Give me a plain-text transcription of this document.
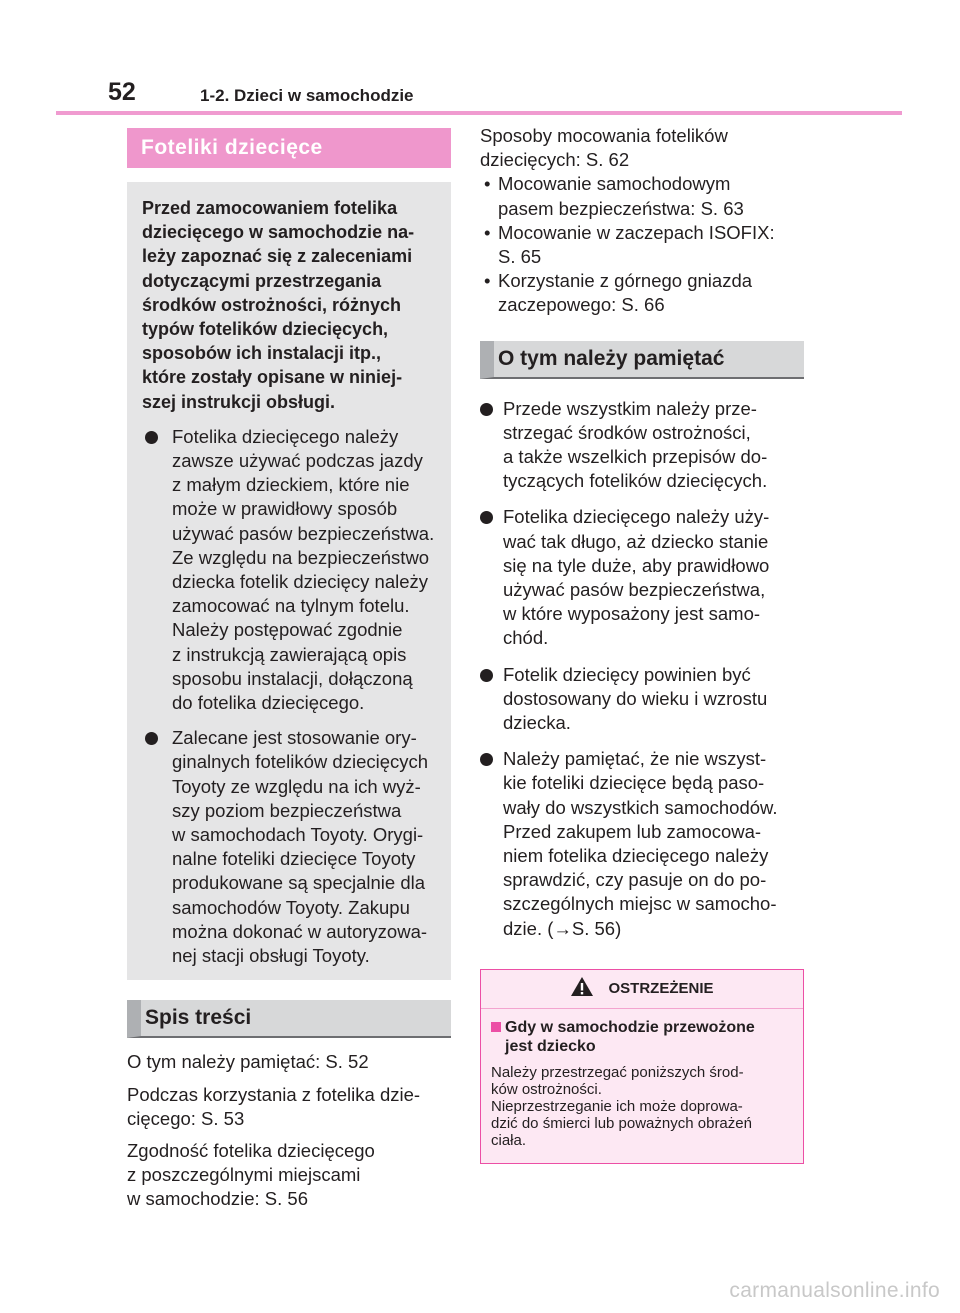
52	1-2. Dzieci w samochodzie
Foteliki dziecięce
Przed zamocowaniem fotelika dziecięcego w samochodzie na-
leży zapoznać się z zaleceniami
dotyczącymi przestrzegania
środków ostrożności, różnych
typów fotelików dziecięcych,
sposobów ich instalacji itp.,
które zostały opisane w niniej-
szej instrukcji obsługi.
Fotelika dziecięcego należy
zawsze używać podczas jazdy
z małym dzieckiem, które nie
może w prawidłowy sposób
używać pasów bezpieczeństwa.
Ze względu na bezpieczeństwo
dziecka fotelik dziecięcy należy
zamocować na tylnym fotelu.
Należy postępować zgodnie
z instrukcją zawierającą opis
sposobu instalacji, dołączoną
do fotelika dziecięcego.
Zalecane jest stosowanie ory-
ginalnych fotelików dziecięcych
Toyoty ze względu na ich wyż-
szy poziom bezpieczeństwa
w samochodach Toyoty. Orygi-
nalne foteliki dziecięce Toyoty
produkowane są specjalnie dla
samochodów Toyoty. Zakupu
można dokonać w autoryzowa-
nej stacji obsługi Toyoty.
Spis treści
O tym należy pamiętać: S. 52
Podczas korzystania z fotelika dzie-
cięcego: S. 53
Zgodność fotelika dziecięcego
z poszczególnymi miejscami
w samochodzie: S. 56
Sposoby mocowania fotelików
dziecięcych: S. 62
• Mocowanie samochodowym
pasem bezpieczeństwa: S. 63
• Mocowanie w zaczepach ISOFIX:
S. 65
• Korzystanie z górnego gniazda
zaczepowego: S. 66
O tym należy pamiętać
Przede wszystkim należy prze-
strzegać środków ostrożności,
a także wszelkich przepisów do-
tyczących fotelików dziecięcych.
Fotelika dziecięcego należy uży-
wać tak długo, aż dziecko stanie
się na tyle duże, aby prawidłowo
używać pasów bezpieczeństwa,
w które wyposażony jest samo-
chód.
Fotelik dziecięcy powinien być
dostosowany do wieku i wzrostu
dziecka.
Należy pamiętać, że nie wszyst-
kie foteliki dziecięce będą paso-
wały do wszystkich samochodów.
Przed zakupem lub zamocowa-
niem fotelika dziecięcego należy
sprawdzić, czy pasuje on do po-
szczególnych miejsc w samocho-
dzie. (→S. 56)
OSTRZEŻENIE
Gdy w samochodzie przewożone
jest dziecko
Należy przestrzegać poniższych środ-
ków ostrożności.
Nieprzestrzeganie ich może doprowa-
dzić do śmierci lub poważnych obrażeń
ciała.
carmanualsonline.info
